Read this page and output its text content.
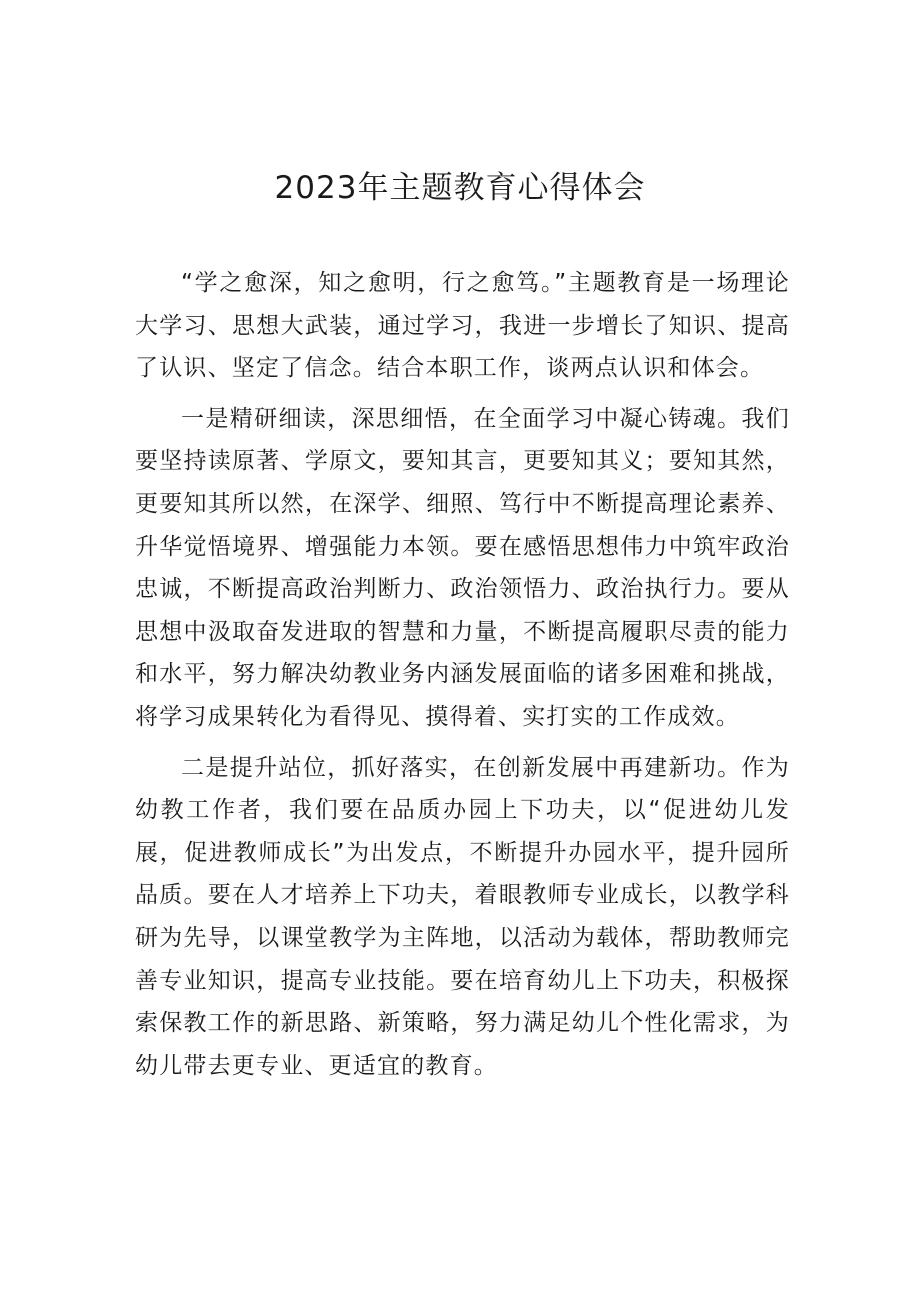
2023年主题教育心得体会

“学之愈深，知之愈明，行之愈笃。”主题教育是一场理论大学习、思想大武装，通过学习，我进一步增长了知识、提高了认识、坚定了信念。结合本职工作，谈两点认识和体会。

一是精研细读，深思细悟，在全面学习中凝心铸魂。我们要坚持读原著、学原文，要知其言，更要知其义；要知其然，更要知其所以然，在深学、细照、笃行中不断提高理论素养、升华觉悟境界、增强能力本领。要在感悟思想伟力中筑牢政治忠诚，不断提高政治判断力、政治领悟力、政治执行力。要从思想中汲取奋发进取的智慧和力量，不断提高履职尽责的能力和水平，努力解决幼教业务内涵发展面临的诸多困难和挑战，将学习成果转化为看得见、摸得着、实打实的工作成效。

二是提升站位，抓好落实，在创新发展中再建新功。作为幼教工作者，我们要在品质办园上下功夫，以“促进幼儿发展，促进教师成长”为出发点，不断提升办园水平，提升园所品质。要在人才培养上下功夫，着眼教师专业成长，以教学科研为先导，以课堂教学为主阵地，以活动为载体，帮助教师完善专业知识，提高专业技能。要在培育幼儿上下功夫，积极探索保教工作的新思路、新策略，努力满足幼儿个性化需求，为幼儿带去更专业、更适宜的教育。
